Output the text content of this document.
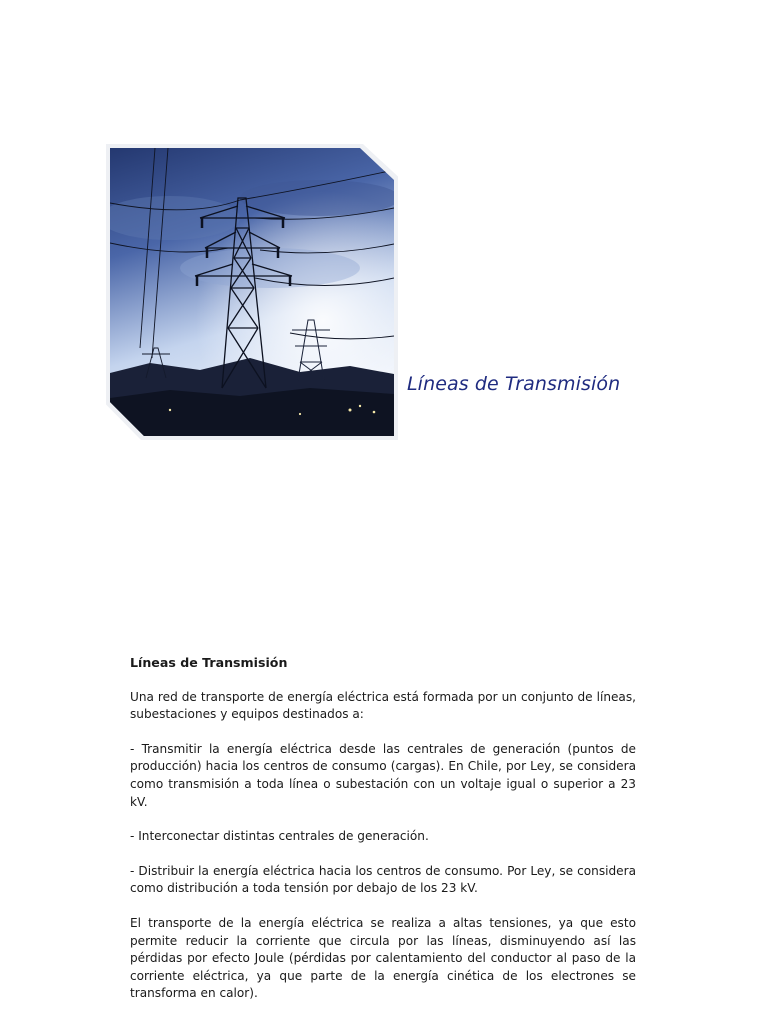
Líneas de Transmisión
Líneas de Transmisión

Una red de transporte de energía eléctrica está formada por un conjunto de líneas, subestaciones y equipos destinados a:

- Transmitir la energía eléctrica desde las centrales de generación (puntos de producción) hacia los centros de consumo (cargas). En Chile, por Ley, se considera como transmisión a toda línea o subestación con un voltaje igual o superior a 23 kV.

- Interconectar distintas centrales de generación.

- Distribuir la energía eléctrica hacia los centros de consumo. Por Ley, se considera como distribución a toda tensión por debajo de los 23 kV.

El transporte de la energía eléctrica se realiza a altas tensiones, ya que esto permite reducir la corriente que circula por las líneas, disminuyendo así las pérdidas por efecto Joule (pérdidas por calentamiento del conductor al paso de la corriente eléctrica, ya que parte de la energía cinética de los electrones se transforma en calor).
